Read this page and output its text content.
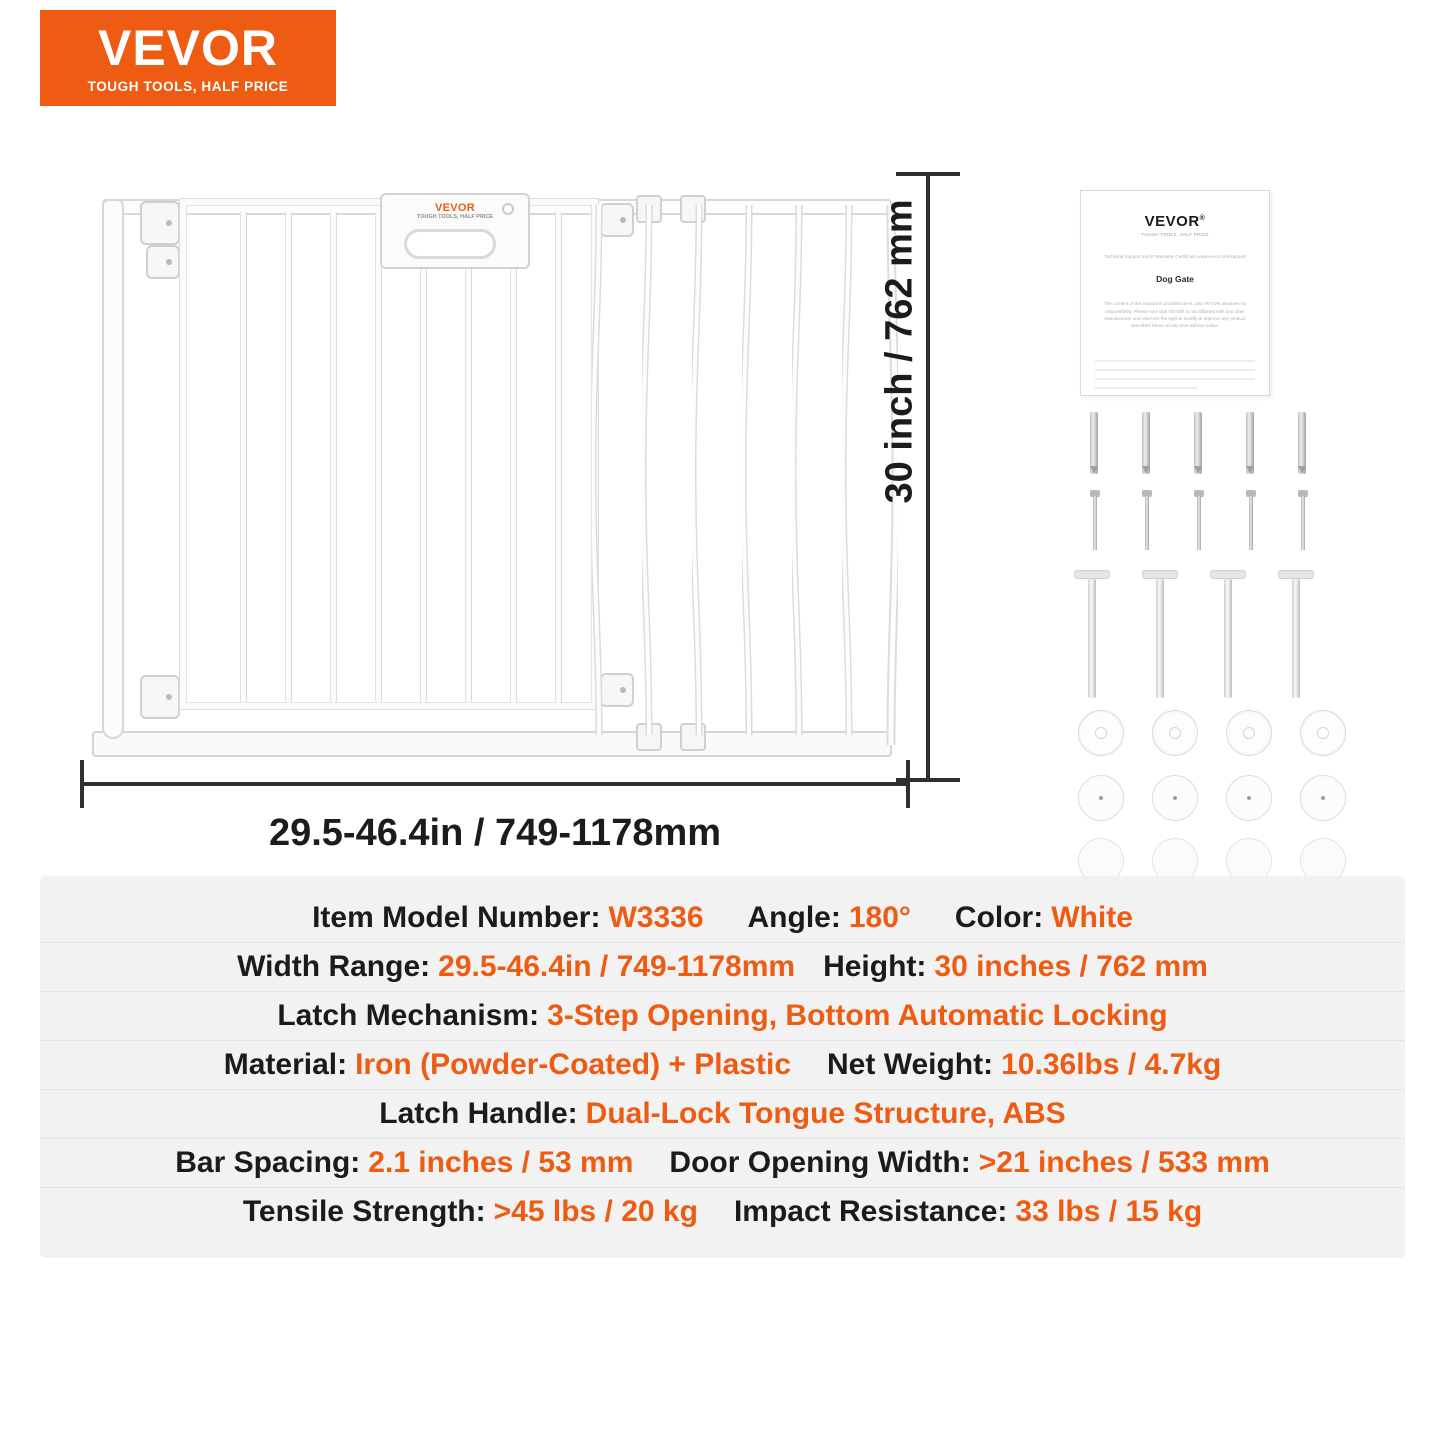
VEVOR
TOUGH TOOLS, HALF PRICE
VEVOR
TOUGH TOOLS, HALF PRICE	30 inch / 762 mm
29.5-46.4in / 749-1178mm
VEVOR®
TOUGH TOOLS, HALF PRICE
Technical Support and E-Warranty Certificate www.vevor.com/support
Dog Gate
The content of this manual is provided as-is, and VEVOR assumes no responsibility. Please note that VEVOR is not affiliated with any other manufacturer and reserves the right to modify or improve any product described herein at any time without notice.
Item Model Number: W3336 Angle: 180° Color: White
Width Range: 29.5-46.4in / 749-1178mm Height: 30 inches / 762 mm
Latch Mechanism: 3-Step Opening, Bottom Automatic Locking
Material: Iron (Powder-Coated) + Plastic Net Weight: 10.36lbs / 4.7kg
Latch Handle: Dual-Lock Tongue Structure, ABS
Bar Spacing: 2.1 inches / 53 mm Door Opening Width: >21 inches / 533 mm
Tensile Strength: >45 lbs / 20 kg Impact Resistance: 33 lbs / 15 kg
